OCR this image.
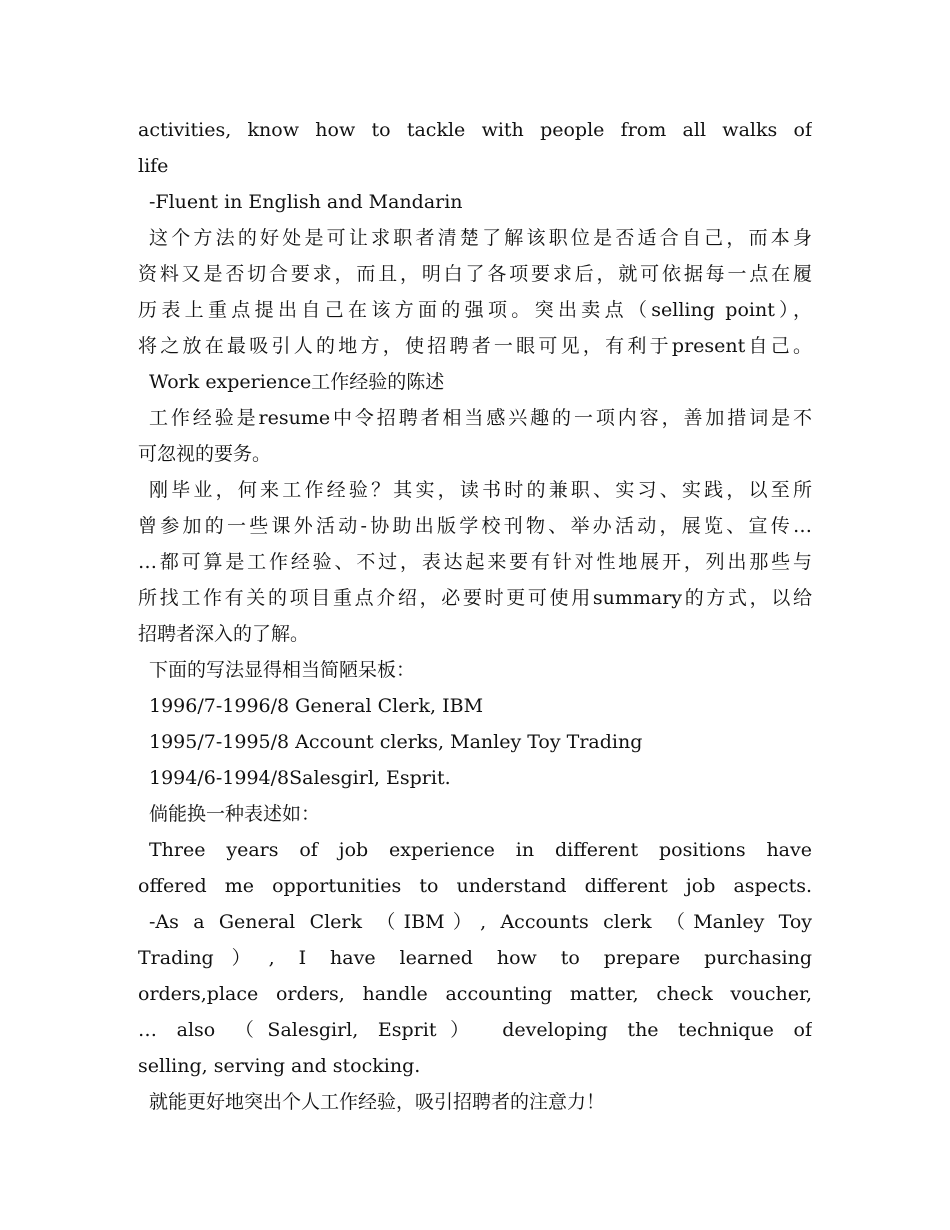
activities, know how to tackle with people from all walks of
life
-Fluent in English and Mandarin
这个方法的好处是可让求职者清楚了解该职位是否适合自己，而本身
资料又是否切合要求，而且，明白了各项要求后，就可依据每一点在履
历表上重点提出自己在该方面的强项。突出卖点（selling point），
将之放在最吸引人的地方，使招聘者一眼可见，有利于present自己。
Work experience工作经验的陈述
工作经验是resume中令招聘者相当感兴趣的一项内容，善加措词是不
可忽视的要务。
刚毕业，何来工作经验？其实，读书时的兼职、实习、实践，以至所
曾参加的一些课外活动-协助出版学校刊物、举办活动，展览、宣传…
…都可算是工作经验、不过，表达起来要有针对性地展开，列出那些与
所找工作有关的项目重点介绍，必要时更可使用summary的方式，以给
招聘者深入的了解。
下面的写法显得相当简陋呆板：
1996/7-1996/8 General Clerk, IBM
1995/7-1995/8 Account clerks, Manley Toy Trading
1994/6-1994/8Salesgirl, Esprit.
倘能换一种表述如：
Three years of job experience in different positions have
offered me opportunities to understand different job aspects.
-As a General Clerk （IBM）, Accounts clerk （Manley Toy
Trading）, I have learned how to prepare purchasing
orders,place orders, handle accounting matter, check voucher,
… also （Salesgirl, Esprit） developing the technique of
selling, serving and stocking.
就能更好地突出个人工作经验，吸引招聘者的注意力！
